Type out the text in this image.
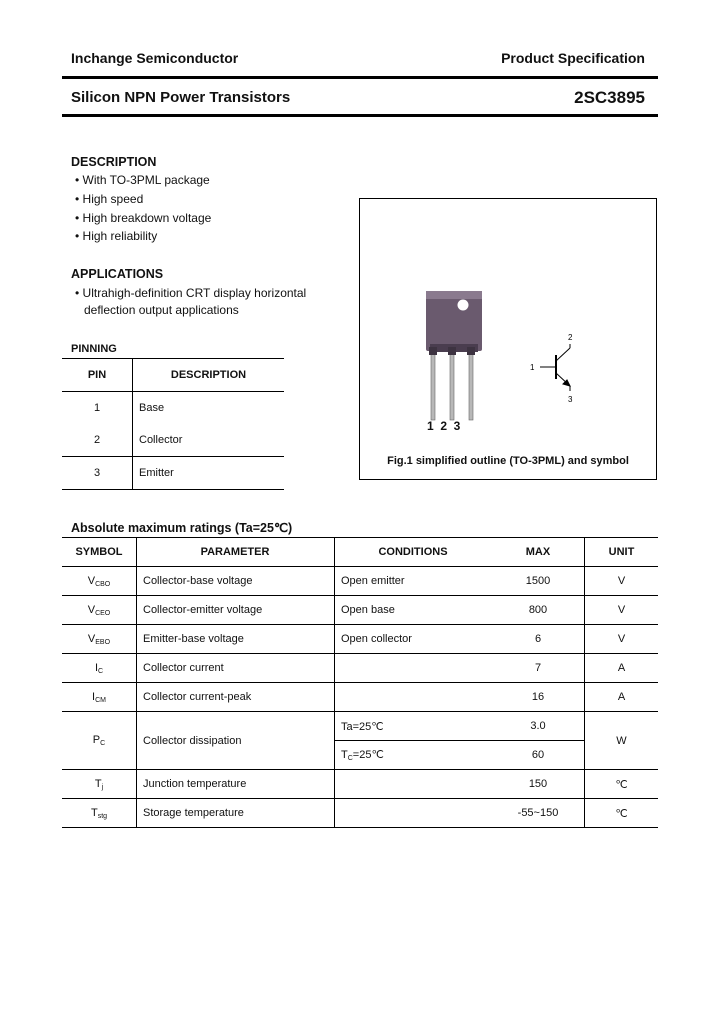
Inchange Semiconductor	Product Specification
Silicon NPN Power Transistors	2SC3895
DESCRIPTION
• With TO-3PML package
• High speed
• High breakdown voltage
• High reliability
APPLICATIONS
• Ultrahigh-definition CRT display horizontal
deflection output applications
PINNING
PIN	DESCRIPTION
1	Base
2	Collector
3	Emitter
2
1
3
1  2  3
Fig.1 simplified outline (TO-3PML) and symbol
Absolute maximum ratings (Ta=25℃)
SYMBOL	PARAMETER	CONDITIONS	MAX	UNIT
$V_{CBO}$	Collector-base voltage	Open emitter	1500	V
$V_{CEO}$	Collector-emitter voltage	Open base	800	V
$V_{EBO}$	Emitter-base voltage	Open collector	6	V
$I_C$	Collector current		7	A
$I_{CM}$	Collector current-peak		16	A
$P_C$	Collector dissipation	Ta=25℃	3.0	W
		$T_C=25℃$	60	
$T_j$	Junction temperature		150	℃
$T_{stg}$	Storage temperature		-55~150	℃
